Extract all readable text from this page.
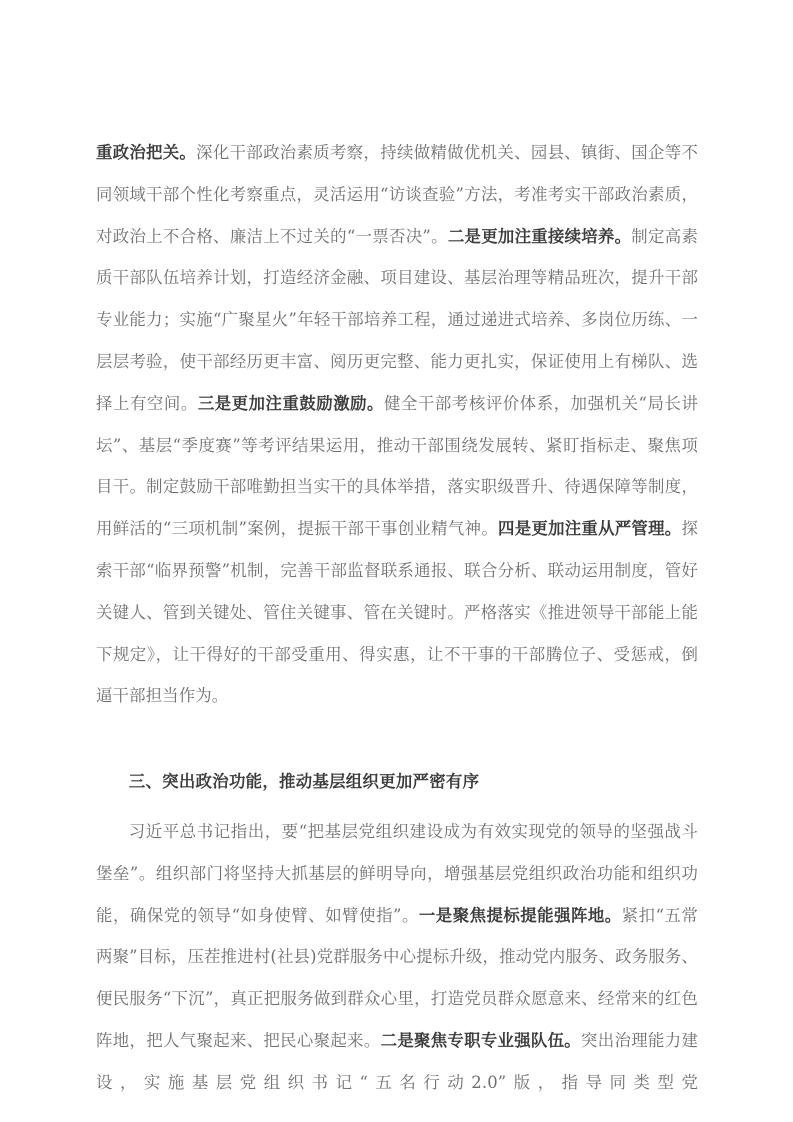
重政治把关。深化干部政治素质考察，持续做精做优机关、园县、镇街、国企等不同领域干部个性化考察重点，灵活运用“访谈查验”方法，考准考实干部政治素质，对政治上不合格、廉洁上不过关的“一票否决”。二是更加注重接续培养。制定高素质干部队伍培养计划，打造经济金融、项目建设、基层治理等精品班次，提升干部专业能力；实施“广聚星火”年轻干部培养工程，通过递进式培养、多岗位历练、一层层考验，使干部经历更丰富、阅历更完整、能力更扎实，保证使用上有梯队、选择上有空间。三是更加注重鼓励激励。健全干部考核评价体系，加强机关“局长讲坛”、基层“季度赛”等考评结果运用，推动干部围绕发展转、紧盯指标走、聚焦项目干。制定鼓励干部唯勤担当实干的具体举措，落实职级晋升、待遇保障等制度，用鲜活的“三项机制”案例，提振干部干事创业精气神。四是更加注重从严管理。探索干部“临界预警”机制，完善干部监督联系通报、联合分析、联动运用制度，管好关键人、管到关键处、管住关键事、管在关键时。严格落实《推进领导干部能上能下规定》，让干得好的干部受重用、得实惠，让不干事的干部腾位子、受惩戒，倒逼干部担当作为。

三、突出政治功能，推动基层组织更加严密有序

习近平总书记指出，要“把基层党组织建设成为有效实现党的领导的坚强战斗堡垒”。组织部门将坚持大抓基层的鲜明导向，增强基层党组织政治功能和组织功能，确保党的领导“如身使臂、如臂使指”。一是聚焦提标提能强阵地。紧扣“五常两聚”目标，压茬推进村(社县)党群服务中心提标升级，推动党内服务、政务服务、便民服务“下沉”，真正把服务做到群众心里，打造党员群众愿意来、经常来的红色阵地，把人气聚起来、把民心聚起来。二是聚焦专职专业强队伍。突出治理能力建设，实施基层党组织书记“五名行动2.0”版，指导同类型党
